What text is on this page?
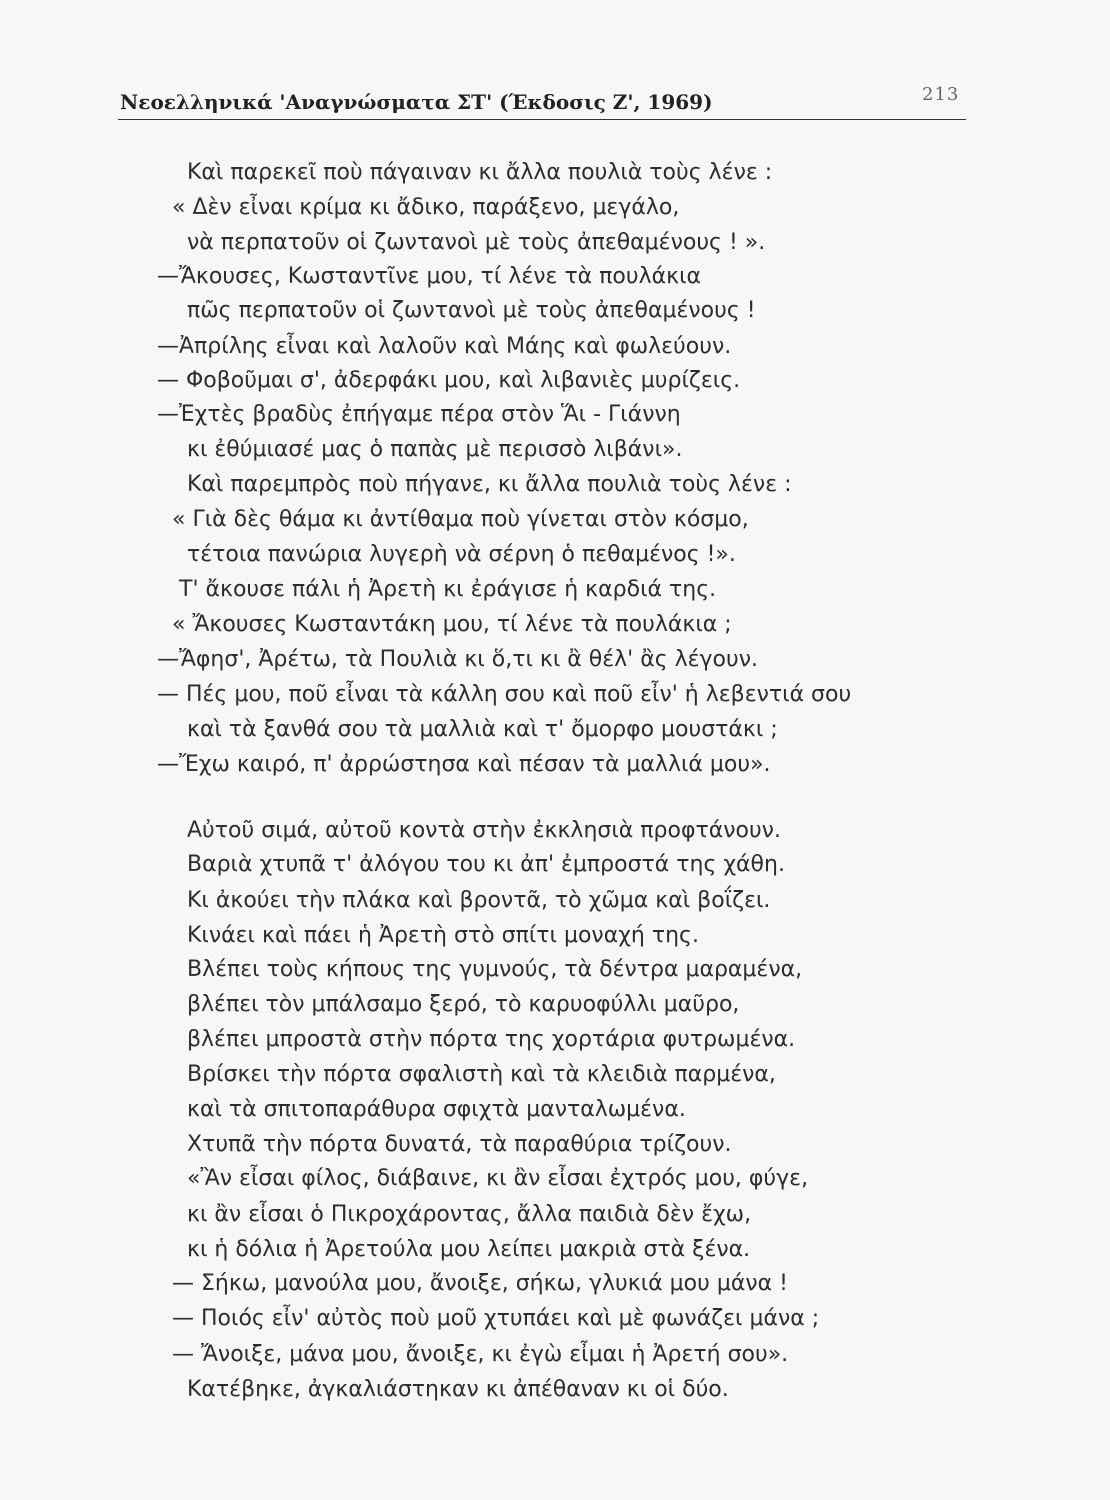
Νεοελληνικά 'Αναγνώσματα ΣΤ' (Έκδοσις Ζ', 1969)	213
Καὶ παρεκεῖ ποὺ πάγαιναν κι ἄλλα πουλιὰ τοὺς λένε :
« Δὲν εἶναι κρίμα κι ἄδικο, παράξενο, μεγάλο,
νὰ περπατοῦν οἱ ζωντανοὶ μὲ τοὺς ἀπεθαμένους ! ».
—Ἄκουσες, Κωσταντῖνε μου, τί λένε τὰ πουλάκια
πῶς περπατοῦν οἱ ζωντανοὶ μὲ τοὺς ἀπεθαμένους !
—Ἀπρίλης εἶναι καὶ λαλοῦν καὶ Μάης καὶ φωλεύουν.
— Φοβοῦμαι σ', ἀδερφάκι μου, καὶ λιβανιὲς μυρίζεις.
—Ἐχτὲς βραδὺς ἐπήγαμε πέρα στὸν Ἅι - Γιάννη
κι ἐθύμιασέ μας ὁ παπὰς μὲ περισσὸ λιβάνι».
Καὶ παρεμπρὸς ποὺ πήγανε, κι ἄλλα πουλιὰ τοὺς λένε :
« Γιὰ δὲς θάμα κι ἀντίθαμα ποὺ γίνεται στὸν κόσμο,
τέτοια πανώρια λυγερὴ νὰ σέρνη ὁ πεθαμένος !».
Τ' ἄκουσε πάλι ἡ Ἀρετὴ κι ἐράγισε ἡ καρδιά της.
« Ἄκουσες Κωσταντάκη μου, τί λένε τὰ πουλάκια ;
—Ἄφησ', Ἀρέτω, τὰ Πουλιὰ κι ὅ,τι κι ἂ θέλ' ἂς λέγουν.
— Πές μου, ποῦ εἶναι τὰ κάλλη σου καὶ ποῦ εἶν' ἡ λεβεντιά σου
καὶ τὰ ξανθά σου τὰ μαλλιὰ καὶ τ' ὄμορφο μουστάκι ;
—Ἔχω καιρό, π' ἀρρώστησα καὶ πέσαν τὰ μαλλιά μου».
Αὐτοῦ σιμά, αὐτοῦ κοντὰ στὴν ἐκκλησιὰ προφτάνουν.
Βαριὰ χτυπᾶ τ' ἀλόγου του κι ἀπ' ἐμπροστά της χάθη.
Κι ἀκούει τὴν πλάκα καὶ βροντᾶ, τὸ χῶμα καὶ βοΐζει.
Κινάει καὶ πάει ἡ Ἀρετὴ στὸ σπίτι μοναχή της.
Βλέπει τοὺς κήπους της γυμνούς, τὰ δέντρα μαραμένα,
βλέπει τὸν μπάλσαμο ξερό, τὸ καρυοφύλλι μαῦρο,
βλέπει μπροστὰ στὴν πόρτα της χορτάρια φυτρωμένα.
Βρίσκει τὴν πόρτα σφαλιστὴ καὶ τὰ κλειδιὰ παρμένα,
καὶ τὰ σπιτοπαράθυρα σφιχτὰ μανταλωμένα.
Χτυπᾶ τὴν πόρτα δυνατά, τὰ παραθύρια τρίζουν.
«Ἂν εἶσαι φίλος, διάβαινε, κι ἂν εἶσαι ἐχτρός μου, φύγε,
κι ἂν εἶσαι ὁ Πικροχάροντας, ἄλλα παιδιὰ δὲν ἔχω,
κι ἡ δόλια ἡ Ἀρετούλα μου λείπει μακριὰ στὰ ξένα.
— Σήκω, μανούλα μου, ἄνοιξε, σήκω, γλυκιά μου μάνα !
— Ποιός εἶν' αὐτὸς ποὺ μοῦ χτυπάει καὶ μὲ φωνάζει μάνα ;
— Ἄνοιξε, μάνα μου, ἄνοιξε, κι ἐγὼ εἶμαι ἡ Ἀρετή σου».
Κατέβηκε, ἀγκαλιάστηκαν κι ἀπέθαναν κι οἱ δύο.
